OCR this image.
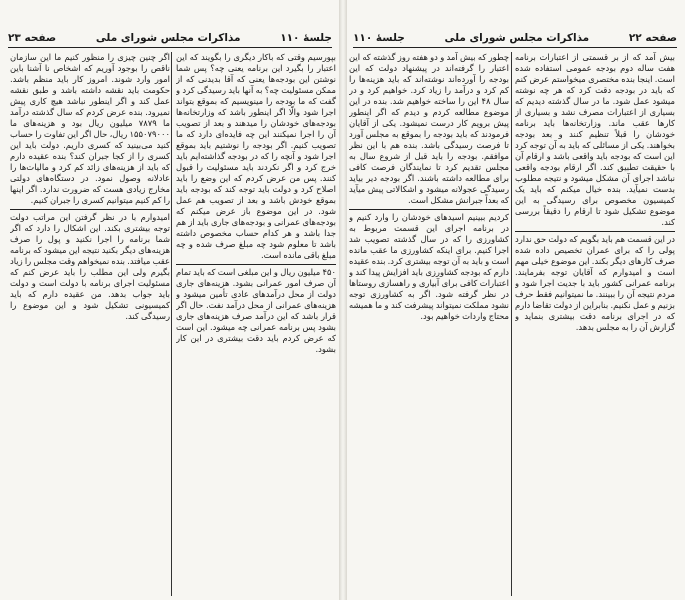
جلسهٔ ۱۱۰
مذاکرات مجلس شورای ملی
صفحه ۲۳

بپورسیم وقتی که باکار دیگری را بگویند که این اعتبار را بگیرد این برنامه یعنی چه؟ پس شما نوشتن این بودجه‌ها یعنی که آقا بدیدنی که از ممکن مسئولیت چه؟ به آنها باید رسیدگی کرد و گفت که ما بودجه را مینویسیم که بموقع بتواند اجرا شود والّا اگر اینطور باشد که وزارتخانه‌ها بودجه‌های خودشان را میدهند و بعد از تصویب آن را اجرا نمیکنند این چه فایده‌ای دارد که ما تصویب کنیم. اگر بودجه را نوشتیم باید بموقع اجرا شود و آنچه را که در بودجه گذاشته‌ایم باید خرج کرد و اگر نکردند باید مسئولیت را قبول کنند. پس من عرض کردم که این وضع را باید اصلاح کرد و دولت باید توجه کند که بودجه باید بموقع خودش باشد و بعد از تصویب هم عمل شود. در این موضوع باز عرض میکنم که بودجه‌های عمرانی و بودجه‌های جاری باید از هم جدا باشد و هر کدام حساب مخصوص داشته باشد تا معلوم شود چه مبلغ صرف شده و چه مبلغ باقی مانده است.

۴۵۰ میلیون ریال و این مبلغی است که باید تمام آن صرف امور عمرانی بشود. هزینه‌های جاری دولت از محل درآمدهای عادی تأمین میشود و هزینه‌های عمرانی از محل درآمد نفت. حال اگر قرار باشد که این درآمد صرف هزینه‌های جاری بشود پس برنامه عمرانی چه میشود. این است که عرض کردم باید دقت بیشتری در این کار بشود.

اگر چنین چیزی را منظور کنیم ما این سازمان ناقص را بوجود آوریم که اشخاص نا آشنا باین امور وارد شوند. امروز کار باید منظم باشد. حکومت باید نقشه داشته باشد و طبق نقشه عمل کند و اگر اینطور نباشد هیچ کاری پیش نمیرود. بنده عرض کردم که سال گذشته درآمد ما ۷۸۷۹ میلیون ریال بود و هزینه‌های ما ۱۵۵۰۷۹۰۰۰ ریال، حال اگر این تفاوت را حساب کنید می‌بینید که کسری داریم. دولت باید این کسری را از کجا جبران کند؟ بنده عقیده دارم که باید از هزینه‌های زائد کم کرد و مالیات‌ها را عادلانه وصول نمود. در دستگاه‌های دولتی مخارج زیادی هست که ضرورت ندارد. اگر اینها را کم کنیم میتوانیم کسری را جبران کنیم.

امیدوارم با در نظر گرفتن این مراتب دولت توجه بیشتری بکند. این اشکال را دارد که اگر شما برنامه را اجرا نکنید و پول را صرف هزینه‌های دیگر بکنید نتیجه این میشود که برنامه عقب میافتد. بنده نمیخواهم وقت مجلس را زیاد بگیرم ولی این مطلب را باید عرض کنم که مسئولیت اجرای برنامه با دولت است و دولت باید جواب بدهد. من عقیده دارم که باید کمیسیونی تشکیل شود و این موضوع را رسیدگی کند.

صفحه ۲۲
مذاکرات مجلس شورای ملی
جلسهٔ ۱۱۰

بیش آمد که از بر قسمتی از اعتبارات برنامه هفت ساله دوم بودجه عمومی استفاده شده است. اینجا بنده مختصری میخواستم عرض کنم که باید در بودجه دقت کرد که هر چه نوشته میشود عمل شود. ما در سال گذشته دیدیم که بسیاری از اعتبارات مصرف نشد و بسیاری از کارها عقب ماند. وزارتخانه‌ها باید برنامه خودشان را قبلاً تنظیم کنند و بعد بودجه بخواهند. یکی از مسائلی که باید به آن توجه کرد این است که بودجه باید واقعی باشد و ارقام آن با حقیقت تطبیق کند. اگر ارقام بودجه واقعی نباشد اجرای آن مشکل میشود و نتیجه مطلوب بدست نمیآید. بنده خیال میکنم که باید یک کمیسیون مخصوص برای رسیدگی به این موضوع تشکیل شود تا ارقام را دقیقاً بررسی کند.

در این قسمت هم باید بگویم که دولت حق ندارد پولی را که برای عمران تخصیص داده شده صرف کارهای دیگر بکند. این موضوع خیلی مهم است و امیدوارم که آقایان توجه بفرمایند. برنامه عمرانی کشور باید با جدیت اجرا شود و مردم نتیجه آن را ببینند. ما نمیتوانیم فقط حرف بزنیم و عمل نکنیم. بنابراین از دولت تقاضا دارم که در اجرای برنامه دقت بیشتری بنماید و گزارش آن را به مجلس بدهد.

چطور که بیش آمد و دو هفته روز گذشته که این اعتبار را گرفته‌اند در پیشنهاد دولت که این بودجه را آورده‌اند نوشته‌اند که باید هزینه‌ها را کم کرد و درآمد را زیاد کرد. خواهیم کرد و در سال ۴۸ این را ساخته خواهیم شد. بنده در این موضوع مطالعه کردم و دیدم که اگر اینطور پیش برویم کار درست نمیشود. یکی از آقایان فرمودند که باید بودجه را بموقع به مجلس آورد تا فرصت رسیدگی باشد. بنده هم با این نظر موافقم. بودجه را باید قبل از شروع سال به مجلس تقدیم کرد تا نمایندگان فرصت کافی برای مطالعه داشته باشند. اگر بودجه دیر بیاید رسیدگی عجولانه میشود و اشکالاتی پیش میآید که بعداً جبرانش مشکل است.

کردیم ببینیم اسیدهای خودشان را وارد کنیم و در برنامه اجرای این قسمت مربوط به کشاورزی را که در سال گذشته تصویب شد اجرا کنیم. برای اینکه کشاورزی ما عقب مانده است و باید به آن توجه بیشتری کرد. بنده عقیده دارم که بودجه کشاورزی باید افزایش پیدا کند و اعتبارات کافی برای آبیاری و راهسازی روستاها در نظر گرفته شود. اگر به کشاورزی توجه نشود مملکت نمیتواند پیشرفت کند و ما همیشه محتاج واردات خواهیم بود.
